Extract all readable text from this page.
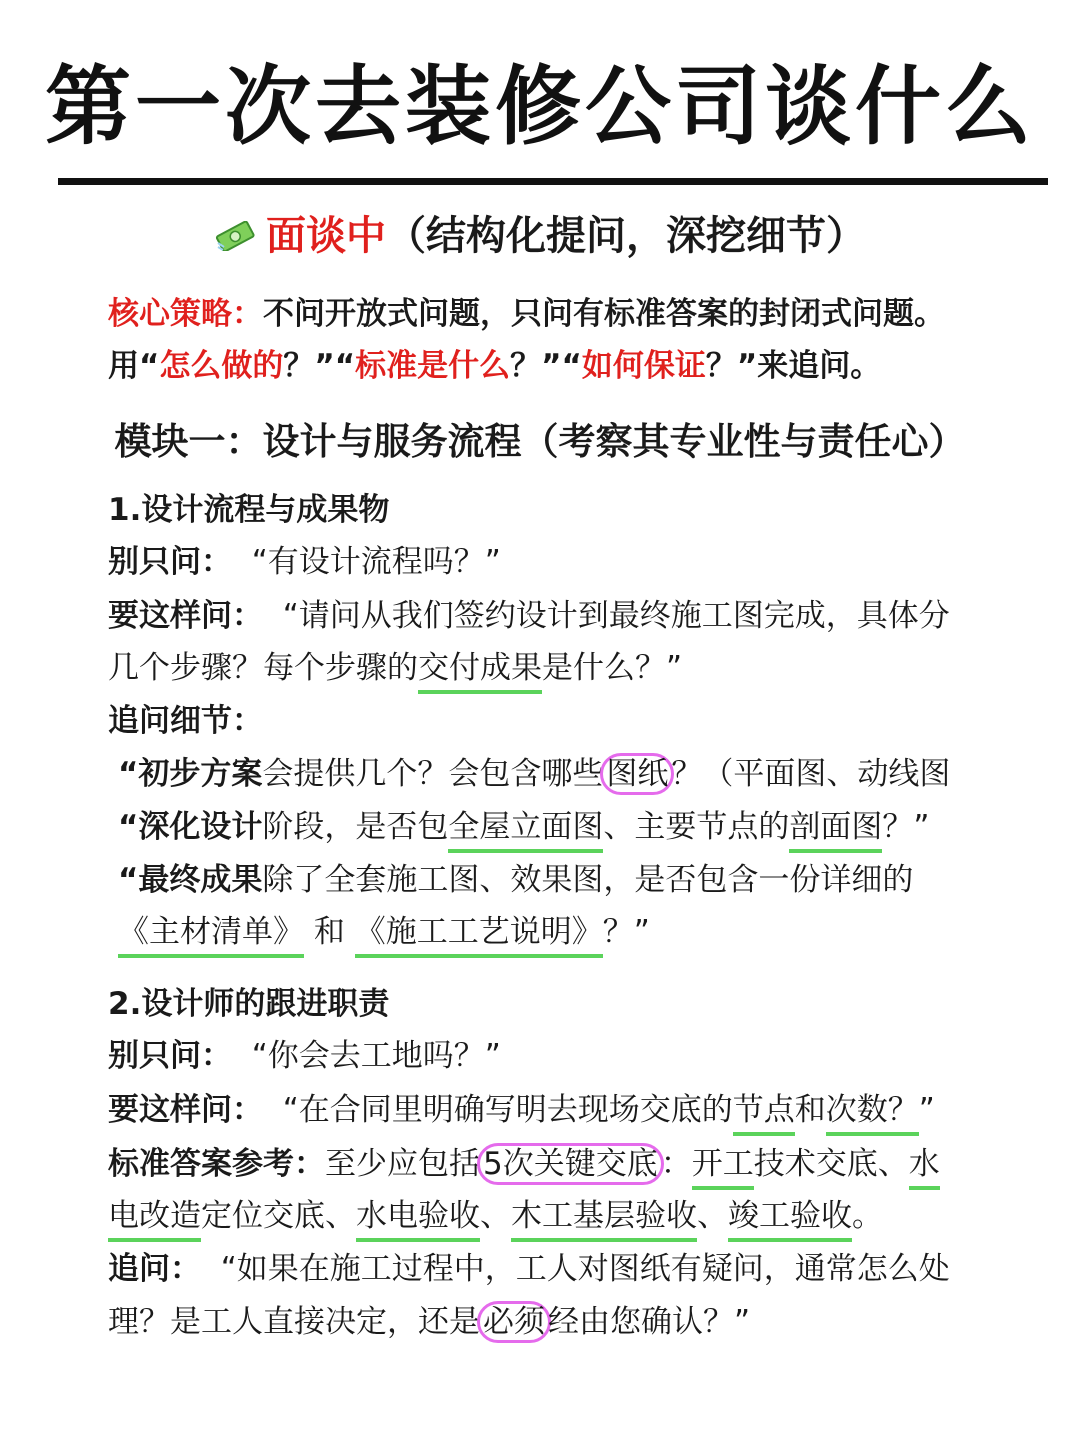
第一次去装修公司谈什么
面谈中（结构化提问，深挖细节）
核心策略：不问开放式问题，只问有标准答案的封闭式问题。
用“怎么做的？”“标准是什么？”“如何保证？”来追问。
模块一：设计与服务流程（考察其专业性与责任心）
1.设计流程与成果物
别只问： “有设计流程吗？”
要这样问： “请问从我们签约设计到最终施工图完成，具体分
几个步骤？每个步骤的交付成果是什么？”
追问细节：
“初步方案会提供几个？会包含哪些图纸？（平面图、动线图
“深化设计阶段，是否包全屋立面图、主要节点的剖面图？”
“最终成果除了全套施工图、效果图，是否包含一份详细的
《主材清单》 和 《施工工艺说明》？”
2.设计师的跟进职责
别只问： “你会去工地吗？”
要这样问： “在合同里明确写明去现场交底的节点和次数？”
标准答案参考：至少应包括5次关键交底：开工技术交底、水
电改造定位交底、水电验收、木工基层验收、竣工验收。
追问： “如果在施工过程中，工人对图纸有疑问，通常怎么处
理？是工人直接决定，还是必须经由您确认？”
